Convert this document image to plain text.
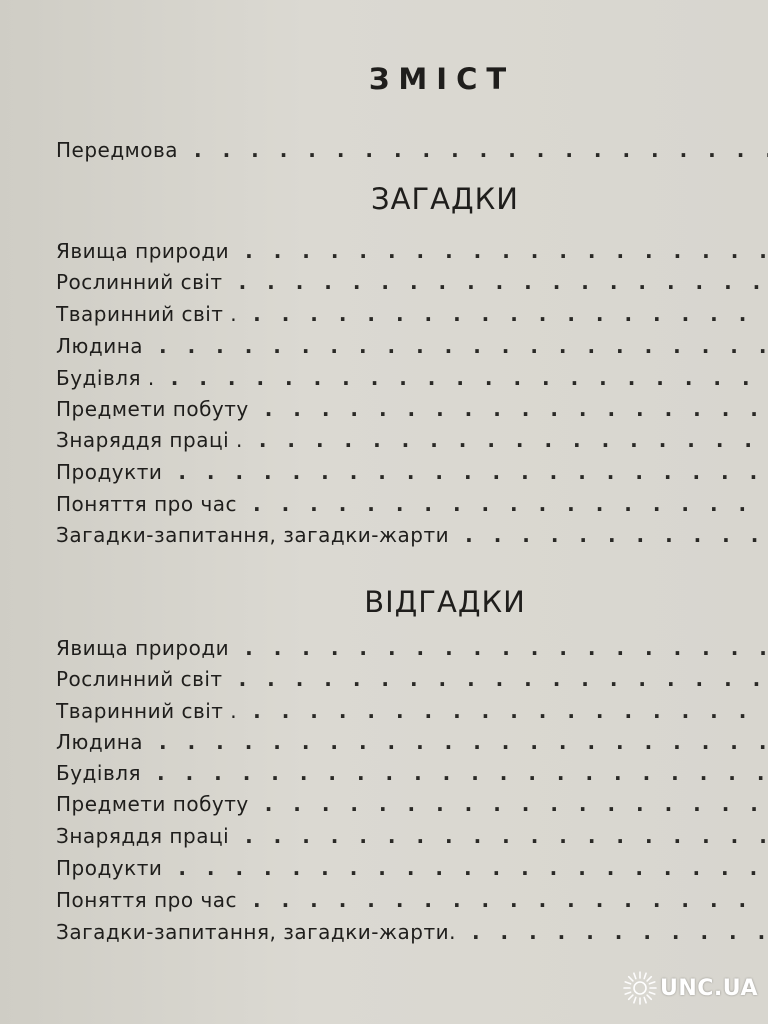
ЗМІСТ
Передмова
. . .
ЗАГАДКИ
Явища природи
. . .
Рослинний світ
. . .
Тваринний світ .
. . .
Людина
. . .
Будівля .
. . .
Предмети побуту
. . .
Знаряддя праці .
. . .
Продукти
. . .
Поняття про час
. . .
Загадки-запитання, загадки-жарти
. . .
ВІДГАДКИ
Явища природи
. . .
Рослинний світ
. . .
Тваринний світ .
. . .
Людина
. . .
Будівля
. . .
Предмети побуту
. . .
Знаряддя праці
. . .
Продукти
. . .
Поняття про час
. . .
Загадки-запитання, загадки-жарти.
. . .
UNC.UA
